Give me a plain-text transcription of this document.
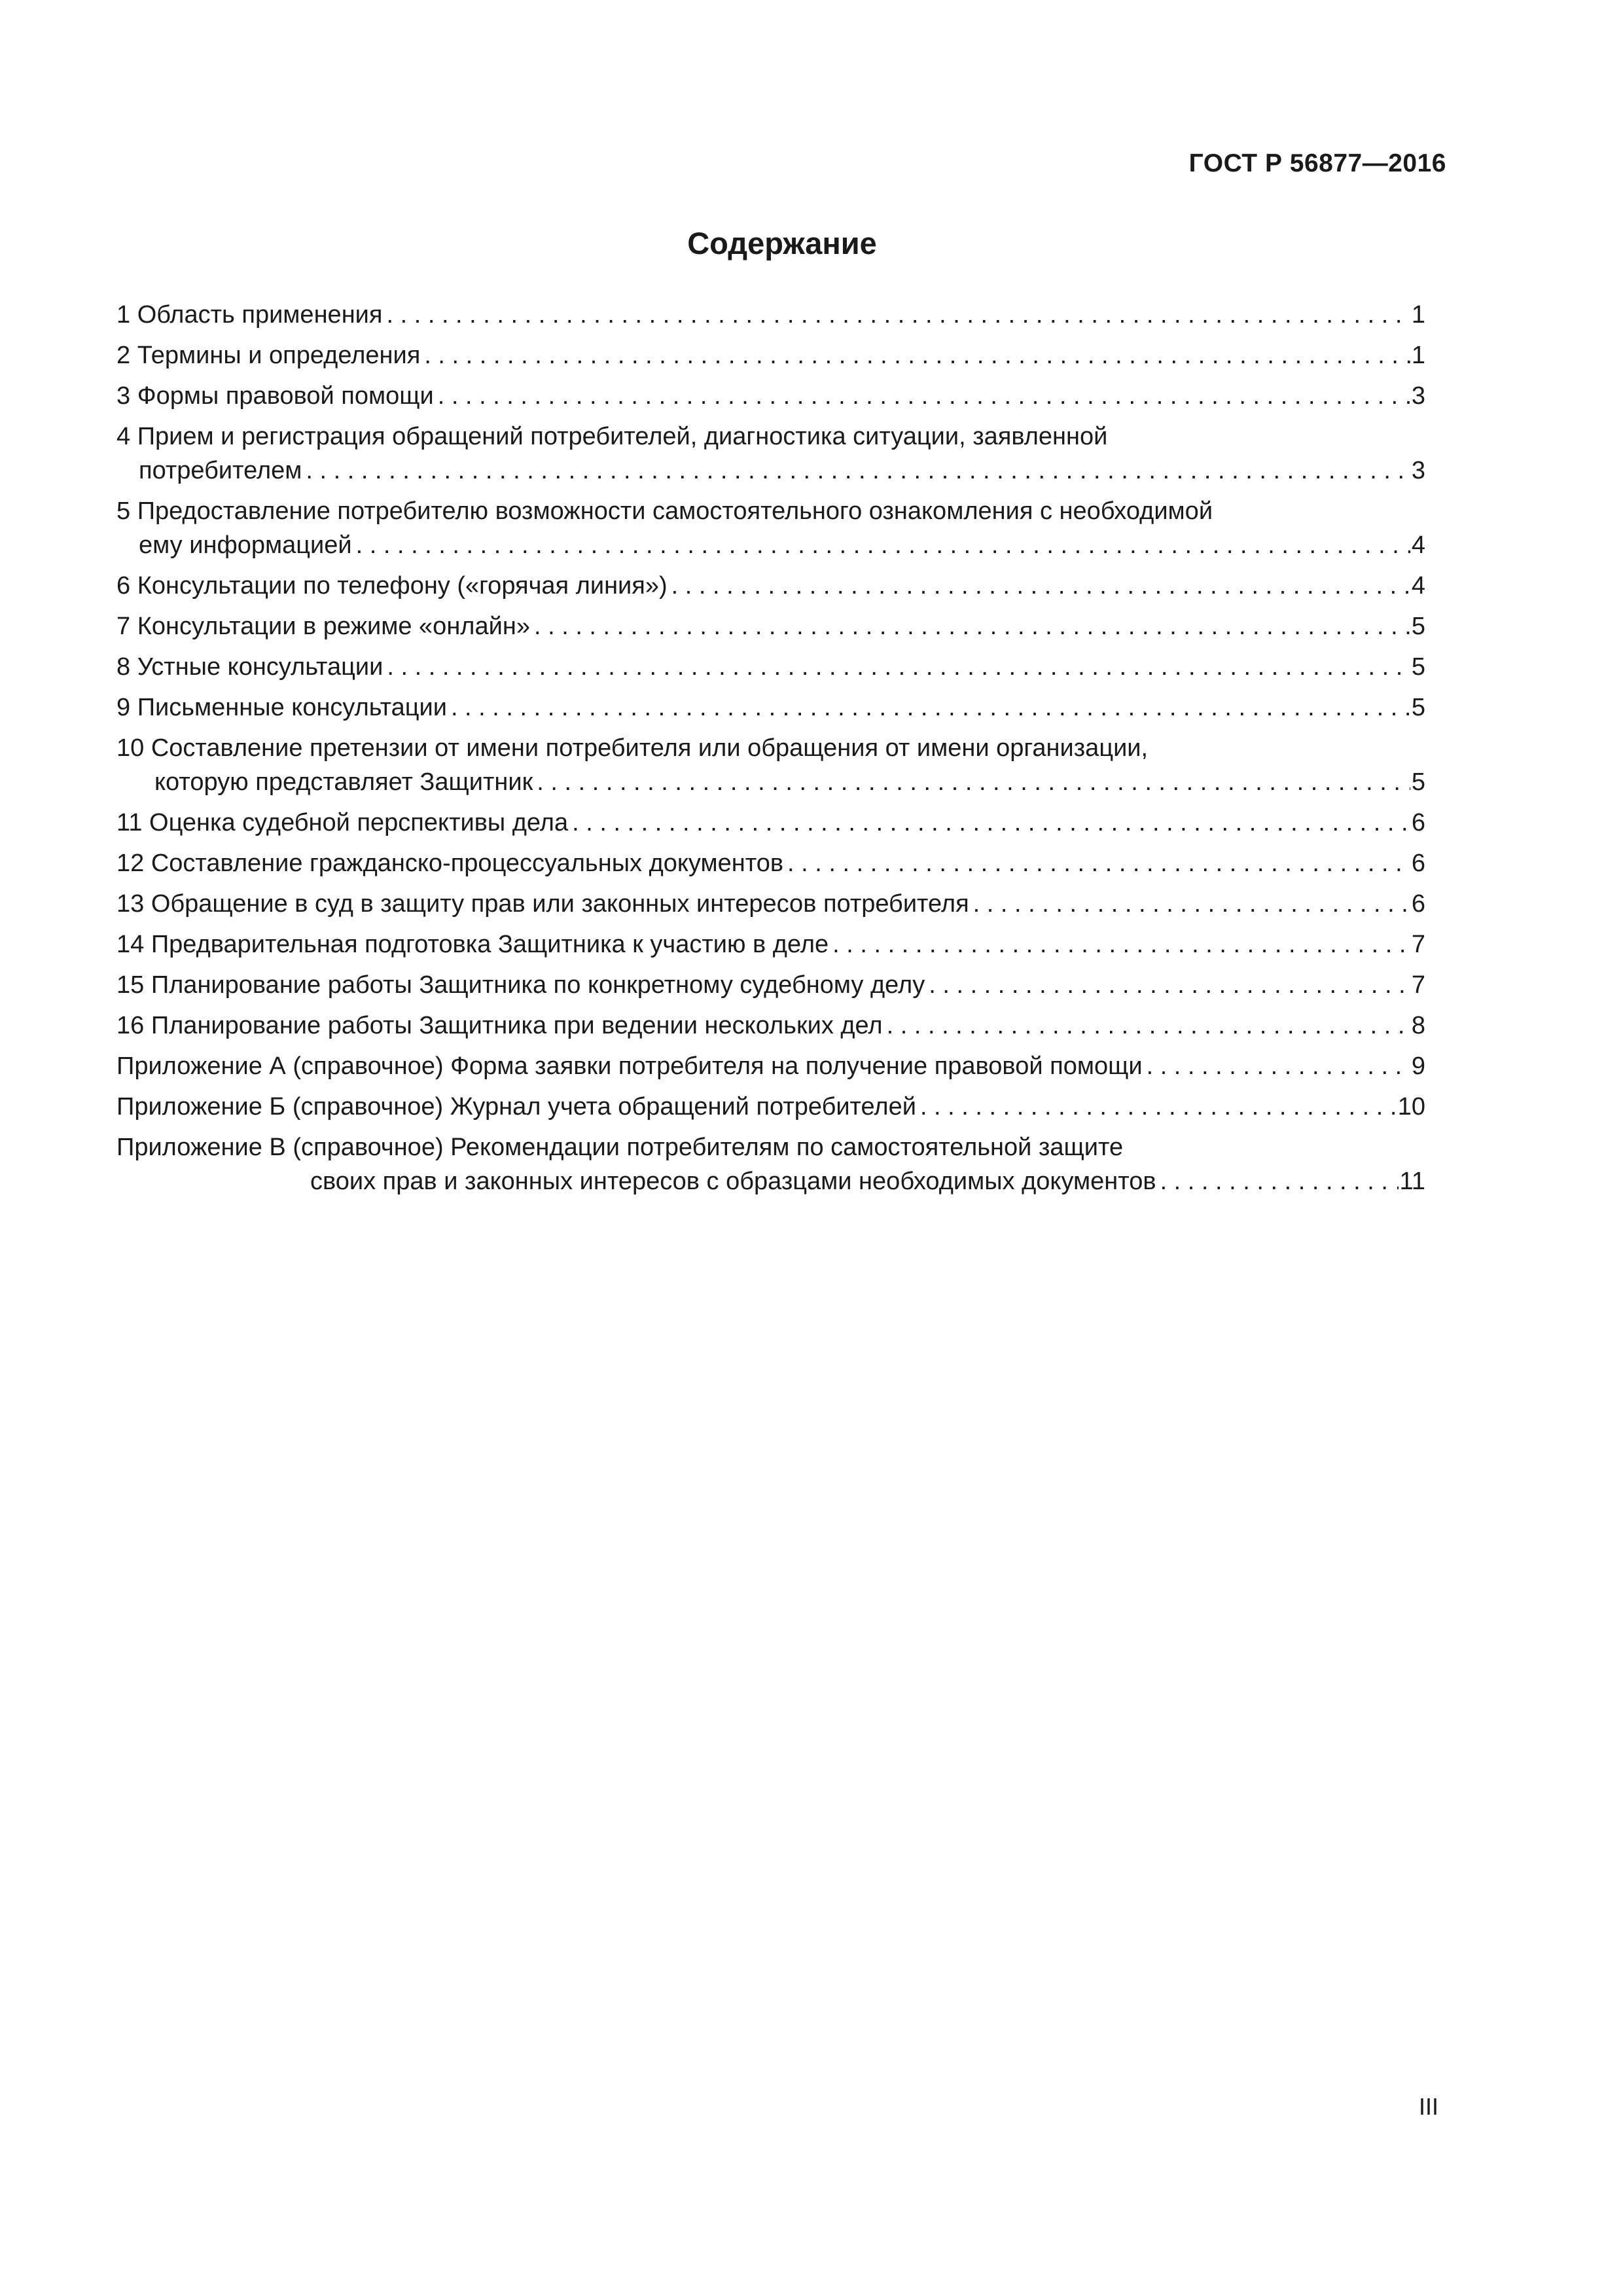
ГОСТ Р 56877—2016
Содержание
1 Область применения . . .	1
2 Термины и определения . . .	1
3 Формы правовой помощи . . .	3
4 Прием и регистрация обращений потребителей, диагностика ситуации, заявленной
потребителем . . .	3
5 Предоставление потребителю возможности самостоятельного ознакомления с необходимой
ему информацией . . .	4
6 Консультации по телефону («горячая линия») . . .	4
7 Консультации в режиме «онлайн» . . .	5
8 Устные консультации . . .	5
9 Письменные консультации . . .	5
10 Составление претензии от имени потребителя или обращения от имени организации,
которую представляет Защитник . . .	5
11 Оценка судебной перспективы дела . . .	6
12 Составление гражданско-процессуальных документов . . .	6
13 Обращение в суд в защиту прав или законных интересов потребителя . . .	6
14 Предварительная подготовка Защитника к участию в деле . . .	7
15 Планирование работы Защитника по конкретному судебному делу . . .	7
16 Планирование работы Защитника при ведении нескольких дел . . .	8
Приложение А (справочное) Форма заявки потребителя на получение правовой помощи . . .	9
Приложение Б (справочное) Журнал учета обращений потребителей . . .	10
Приложение В (справочное) Рекомендации потребителям по самостоятельной защите
своих прав и законных интересов с образцами необходимых документов . . .	11
III
